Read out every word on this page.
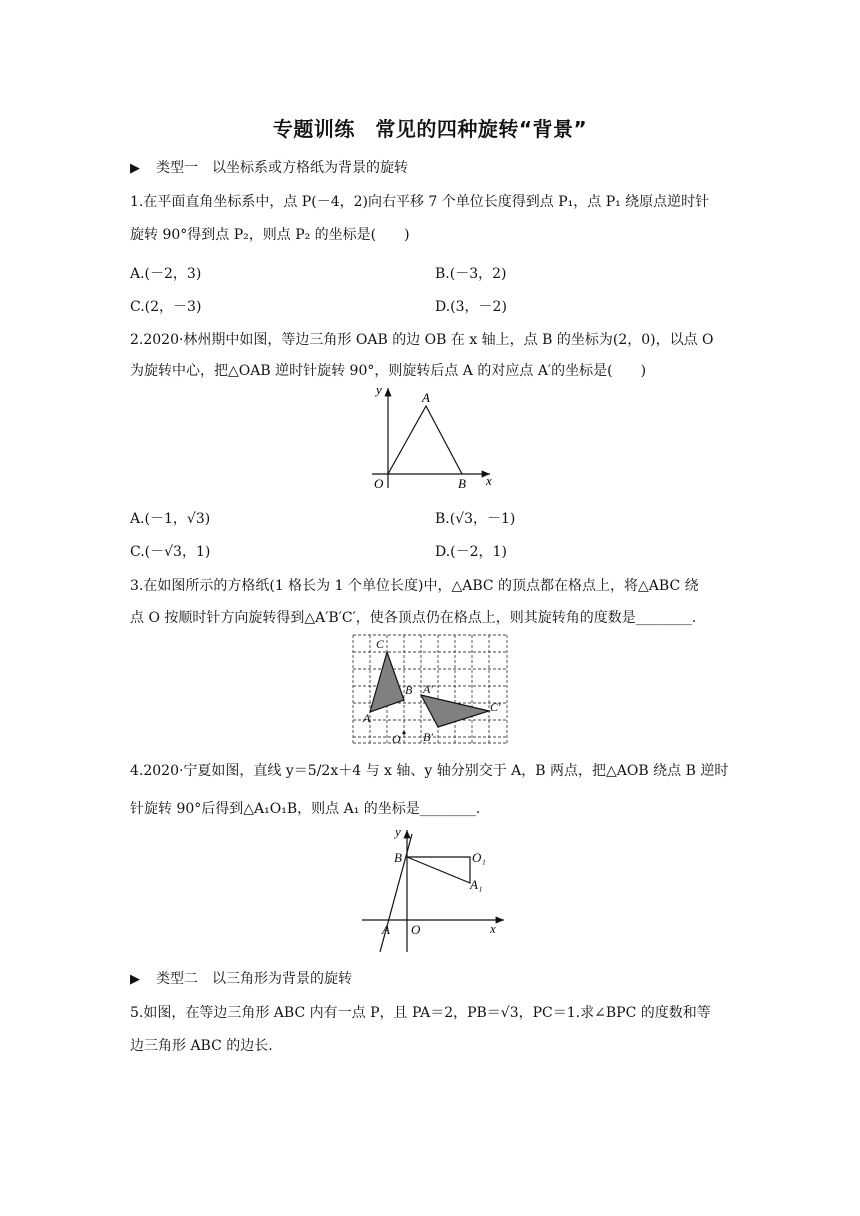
专题训练　常见的四种旋转“背景”
▶ 类型一　以坐标系或方格纸为背景的旋转
1.在平面直角坐标系中，点 P(－4，2)向右平移 7 个单位长度得到点 P₁，点 P₁ 绕原点逆时针
旋转 90°得到点 P₂，则点 P₂ 的坐标是(　　)
A.(－2，3)	B.(－3，2)
C.(2，－3)	D.(3，－2)
2.2020·林州期中如图，等边三角形 OAB 的边 OB 在 x 轴上，点 B 的坐标为(2，0)，以点 O
为旋转中心，把△OAB 逆时针旋转 90°，则旋转后点 A 的对应点 A′的坐标是(　　)
y
A
O	B x
A.(－1，√3)	B.(√3，－1)
C.(－√3，1)	D.(－2，1)
3.在如图所示的方格纸(1 格长为 1 个单位长度)中，△ABC 的顶点都在格点上，将△ABC 绕
点 O 按顺时针方向旋转得到△A′B′C′，使各顶点仍在格点上，则其旋转角的度数是________.
C
B
A
A′
C′
O B′
4.2020·宁夏如图，直线 y＝5/2x＋4 与 x 轴、y 轴分别交于 A，B 两点，把△AOB 绕点 B 逆时
针旋转 90°后得到△A₁O₁B，则点 A₁ 的坐标是________.
y
B	O₁
A₁
A O	x
▶ 类型二　以三角形为背景的旋转
5.如图，在等边三角形 ABC 内有一点 P，且 PA＝2，PB＝√3，PC＝1.求∠BPC 的度数和等
边三角形 ABC 的边长.
